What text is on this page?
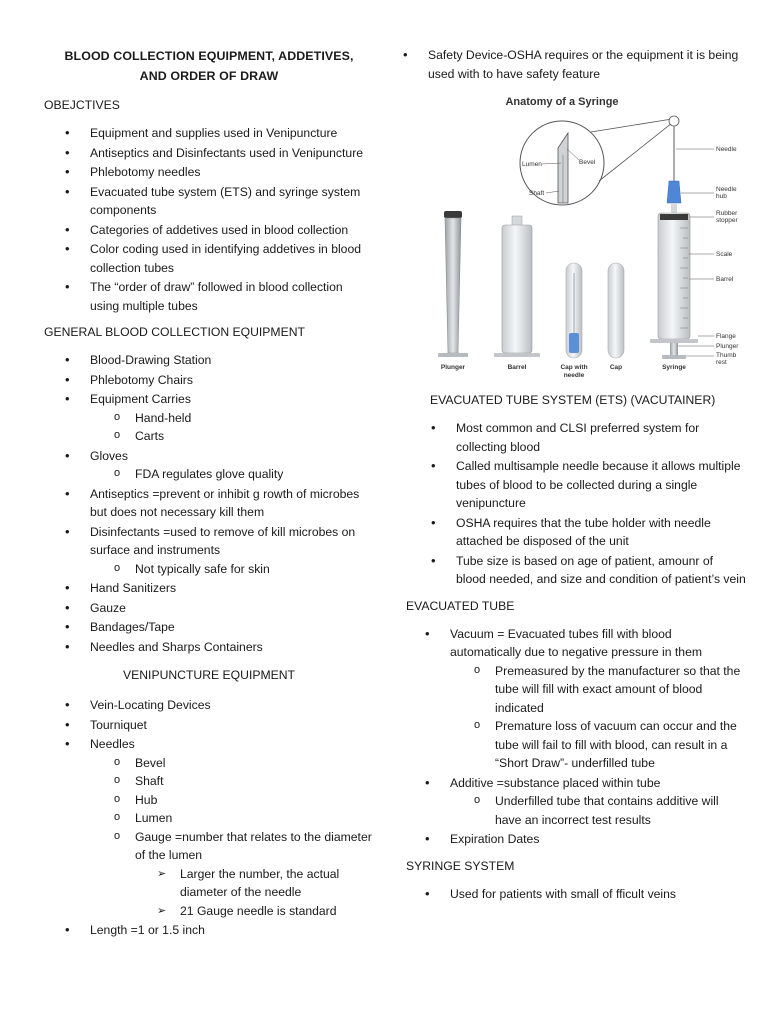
BLOOD COLLECTION EQUIPMENT, ADDETIVES,
AND ORDER OF DRAW
OBEJCTIVES
• Equipment and supplies used in Venipuncture
• Antiseptics and Disinfectants used in Venipuncture
• Phlebotomy needles
• Evacuated tube system (ETS) and syringe system components
• Categories of addetives used in blood collection
• Color coding used in identifying addetives in blood collection tubes
• The “order of draw” followed in blood collection using multiple tubes
GENERAL BLOOD COLLECTION EQUIPMENT
• Blood-Drawing Station
• Phlebotomy Chairs
• Equipment Carries
o Hand-held
o Carts
• Gloves
o FDA regulates glove quality
• Antiseptics =prevent or inhibit g rowth of microbes but does not necessary kill them
• Disinfectants =used to remove of kill microbes on surface and instruments
o Not typically safe for skin
• Hand Sanitizers
• Gauze
• Bandages/Tape
• Needles and Sharps Containers
VENIPUNCTURE EQUIPMENT
• Vein-Locating Devices
• Tourniquet
• Needles
o Bevel
o Shaft
o Hub
o Lumen
o Gauge =number that relates to the diameter of the lumen
➢ Larger the number, the actual diameter of the needle
➢ 21 Gauge needle is standard
• Length =1 or 1.5 inch
• Safety Device-OSHA requires or the equipment it is being used with to have safety feature
Anatomy of a Syringe
Lumen	Bevel
Shaft
Plunger	Barrel	Cap with
needle
Cap	Syringe
Needle
Needle
hub
Rubber
stopper
Scale
Barrel
Flange
Plunger
Thumb
rest
EVACUATED TUBE SYSTEM (ETS) (VACUTAINER)
• Most common and CLSI preferred system for collecting blood
• Called multisample needle because it allows multiple tubes of blood to be collected during a single venipuncture
• OSHA requires that the tube holder with needle attached be disposed of the unit
• Tube size is based on age of patient, amounr of blood needed, and size and condition of patient’s vein
EVACUATED TUBE
• Vacuum = Evacuated tubes fill with blood automatically due to negative pressure in them
o Premeasured by the manufacturer so that the tube will fill with exact amount of blood indicated
o Premature loss of vacuum can occur and the tube will fail to fill with blood, can result in a “Short Draw”- underfilled tube
• Additive =substance placed within tube
o Underfilled tube that contains additive will have an incorrect test results
• Expiration Dates
SYRINGE SYSTEM
• Used for patients with small of fficult veins
